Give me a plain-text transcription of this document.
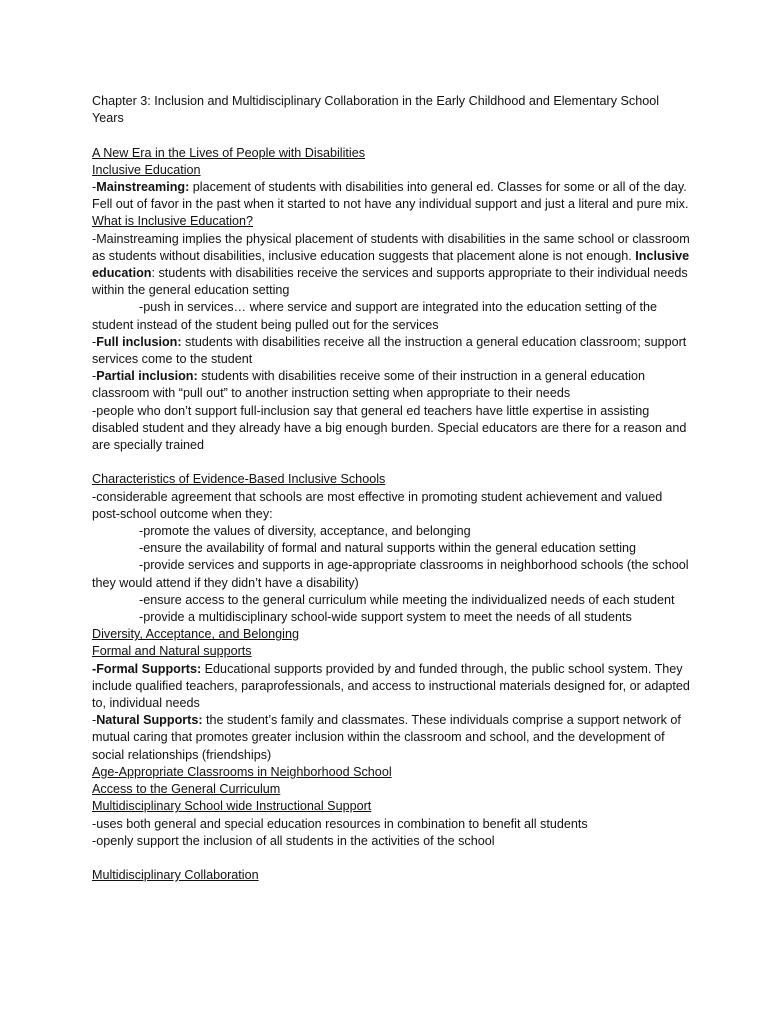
Chapter 3: Inclusion and Multidisciplinary Collaboration in the Early Childhood and Elementary School Years

A New Era in the Lives of People with Disabilities

Inclusive Education

-Mainstreaming: placement of students with disabilities into general ed. Classes for some or all of the day. Fell out of favor in the past when it started to not have any individual support and just a literal and pure mix.

What is Inclusive Education?

-Mainstreaming implies the physical placement of students with disabilities in the same school or classroom as students without disabilities, inclusive education suggests that placement alone is not enough. Inclusive education: students with disabilities receive the services and supports appropriate to their individual needs within the general education setting

-push in services… where service and support are integrated into the education setting of the student instead of the student being pulled out for the services

-Full inclusion: students with disabilities receive all the instruction a general education classroom; support services come to the student

-Partial inclusion: students with disabilities receive some of their instruction in a general education classroom with “pull out” to another instruction setting when appropriate to their needs

-people who don’t support full-inclusion say that general ed teachers have little expertise in assisting disabled student and they already have a big enough burden. Special educators are there for a reason and are specially trained

Characteristics of Evidence-Based Inclusive Schools

-considerable agreement that schools are most effective in promoting student achievement and valued post-school outcome when they:

-promote the values of diversity, acceptance, and belonging

-ensure the availability of formal and natural supports within the general education setting

-provide services and supports in age-appropriate classrooms in neighborhood schools (the school they would attend if they didn’t have a disability)

-ensure access to the general curriculum while meeting the individualized needs of each student

-provide a multidisciplinary school-wide support system to meet the needs of all students

Diversity, Acceptance, and Belonging

Formal and Natural supports

-Formal Supports: Educational supports provided by and funded through, the public school system. They include qualified teachers, paraprofessionals, and access to instructional materials designed for, or adapted to, individual needs

-Natural Supports: the student’s family and classmates. These individuals comprise a support network of mutual caring that promotes greater inclusion within the classroom and school, and the development of social relationships (friendships)

Age-Appropriate Classrooms in Neighborhood School

Access to the General Curriculum

Multidisciplinary School wide Instructional Support

-uses both general and special education resources in combination to benefit all students

-openly support the inclusion of all students in the activities of the school

Multidisciplinary Collaboration
